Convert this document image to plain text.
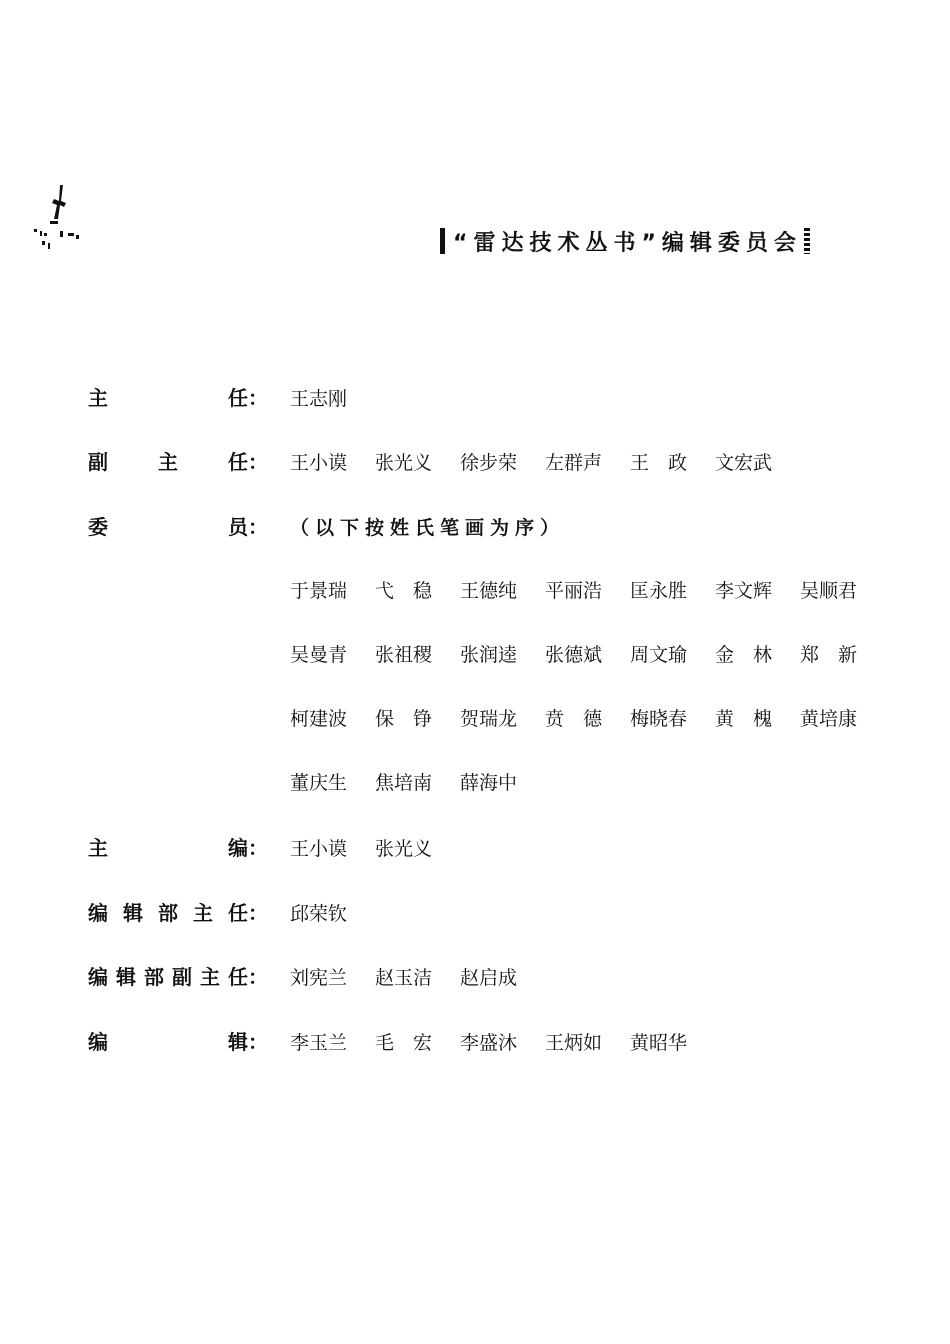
“雷达技术丛书”编辑委员会
主	任 ： 王志刚
副	主	任 ： 王小谟	张光义	徐步荣	左群声	王　政	文宏武
委	员 ： （以下按姓氏笔画为序）
于景瑞	弋　稳	王德纯	平丽浩	匡永胜	李文辉	吴顺君
吴曼青	张祖稷	张润逵	张德斌	周文瑜	金　林	郑　新
柯建波	保　铮	贺瑞龙	贲　德	梅晓春	黄　槐	黄培康
董庆生	焦培南	薛海中
主	编 ： 王小谟	张光义
编 辑 部 主 任 ： 邱荣钦
编 辑 部 副 主 任 ： 刘宪兰	赵玉洁	赵启成
编	辑 ： 李玉兰	毛　宏	李盛沐	王炳如	黄昭华
